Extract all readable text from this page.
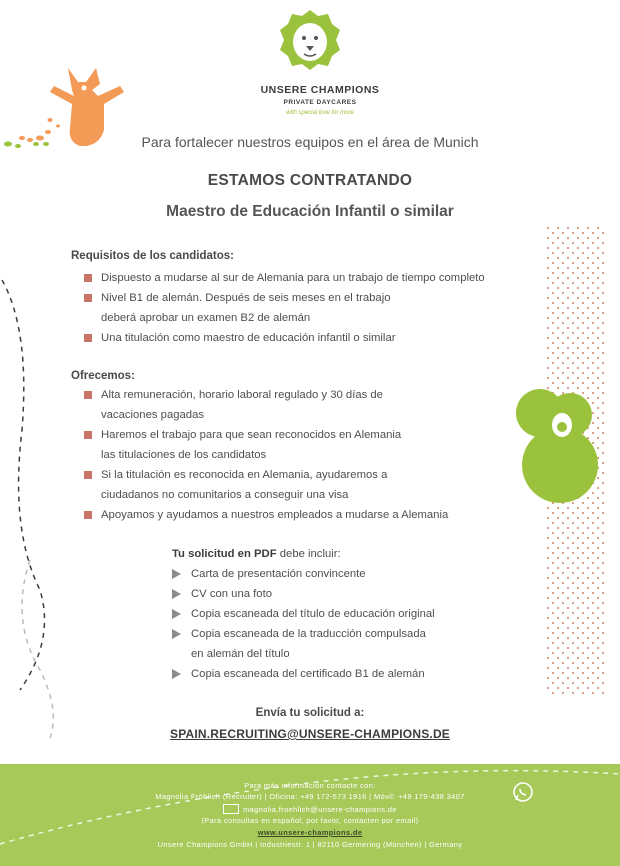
UNSERE CHAMPIONS
PRIVATE DAYCARES
with special love for more
Para fortalecer nuestros equipos en el área de Munich
ESTAMOS CONTRATANDO
Maestro de Educación Infantil o similar
Requisitos de los candidatos:
Dispuesto a mudarse al sur de Alemania para un trabajo de tiempo completo
Nivel B1 de alemán. Después de seis meses en el trabajo
deberá aprobar un examen B2 de alemán
Una titulación como maestro de educación infantil o similar
Ofrecemos:
Alta remuneración, horario laboral regulado y 30 días de
vacaciones pagadas
Haremos el trabajo para que sean reconocidos en Alemania
las titulaciones de los candidatos
Si la titulación es reconocida en Alemania, ayudaremos a
ciudadanos no comunitarios a conseguir una visa
Apoyamos y ayudamos a nuestros empleados a mudarse a Alemania
Tu solicitud en PDF debe incluir:
Carta de presentación convincente
CV con una foto
Copia escaneada del título de educación original
Copia escaneada de la traducción compulsada
en alemán del título
Copia escaneada del certificado B1 de alemán
Envía tu solicitud a:
SPAIN.RECRUITING@UNSERE-CHAMPIONS.DE
Para más información contacte con:
Magnolia Fröhlich (Recruiter) | Oficina: +49 172-573 1916 | Móvil: +49 179-438 3407
magnolia.froehlich@unsere-champions.de
(Para consultas en español, por favor, contacten por email)
www.unsere-champions.de
Unsere Champions GmbH | Industriestr. 1 | 82110 Germering (München) | Germany
